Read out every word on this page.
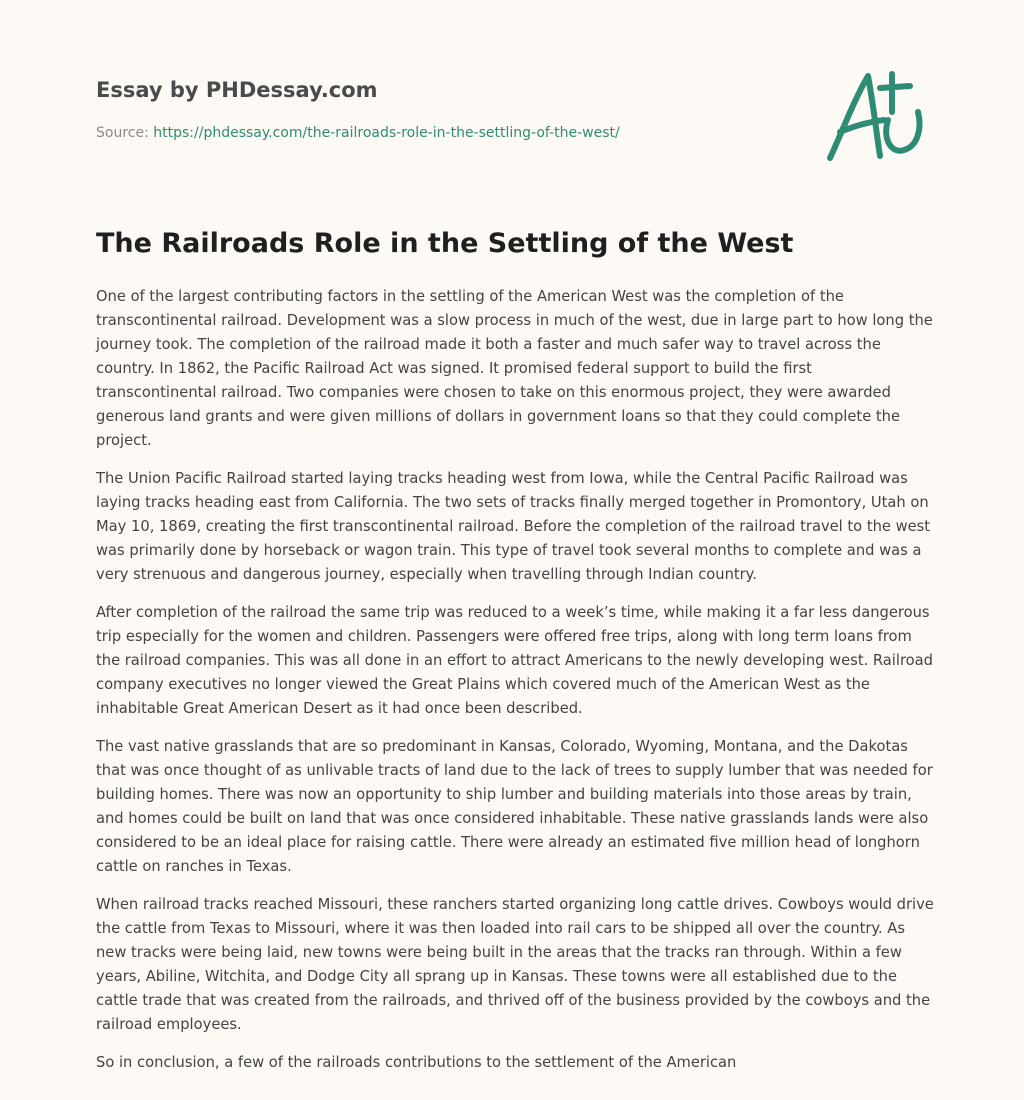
Essay by PHDessay.com
Source: https://phdessay.com/the-railroads-role-in-the-settling-of-the-west/
The Railroads Role in the Settling of the West

One of the largest contributing factors in the settling of the American West was the completion of the transcontinental railroad. Development was a slow process in much of the west, due in large part to how long the journey took. The completion of the railroad made it both a faster and much safer way to travel across the country. In 1862, the Pacific Railroad Act was signed. It promised federal support to build the first transcontinental railroad. Two companies were chosen to take on this enormous project, they were awarded generous land grants and were given millions of dollars in government loans so that they could complete the project.

The Union Pacific Railroad started laying tracks heading west from Iowa, while the Central Pacific Railroad was laying tracks heading east from California. The two sets of tracks finally merged together in Promontory, Utah on May 10, 1869, creating the first transcontinental railroad. Before the completion of the railroad travel to the west was primarily done by horseback or wagon train. This type of travel took several months to complete and was a very strenuous and dangerous journey, especially when travelling through Indian country.

After completion of the railroad the same trip was reduced to a week’s time, while making it a far less dangerous trip especially for the women and children. Passengers were offered free trips, along with long term loans from the railroad companies. This was all done in an effort to attract Americans to the newly developing west. Railroad company executives no longer viewed the Great Plains which covered much of the American West as the inhabitable Great American Desert as it had once been described.

The vast native grasslands that are so predominant in Kansas, Colorado, Wyoming, Montana, and the Dakotas that was once thought of as unlivable tracts of land due to the lack of trees to supply lumber that was needed for building homes. There was now an opportunity to ship lumber and building materials into those areas by train, and homes could be built on land that was once considered inhabitable. These native grasslands lands were also considered to be an ideal place for raising cattle. There were already an estimated five million head of longhorn cattle on ranches in Texas.

When railroad tracks reached Missouri, these ranchers started organizing long cattle drives. Cowboys would drive the cattle from Texas to Missouri, where it was then loaded into rail cars to be shipped all over the country. As new tracks were being laid, new towns were being built in the areas that the tracks ran through. Within a few years, Abiline, Witchita, and Dodge City all sprang up in Kansas. These towns were all established due to the cattle trade that was created from the railroads, and thrived off of the business provided by the cowboys and the railroad employees.

So in conclusion, a few of the railroads contributions to the settlement of the American
